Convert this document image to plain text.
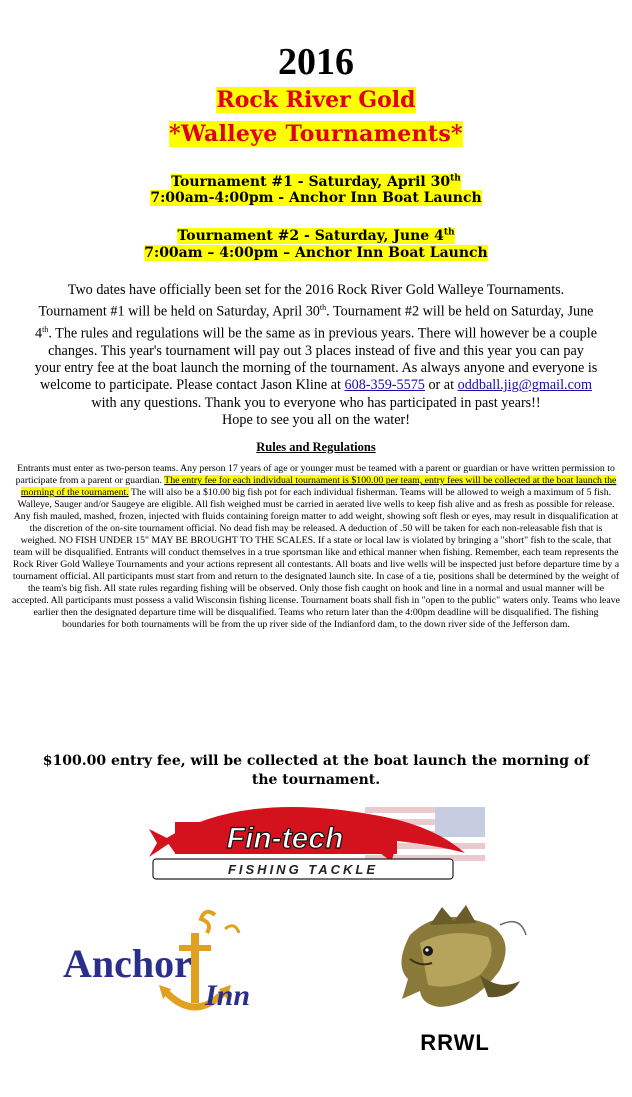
2016
Rock River Gold
*Walleye Tournaments*
Tournament #1 - Saturday, April 30th
7:00am-4:00pm - Anchor Inn Boat Launch
Tournament #2 - Saturday, June 4th
7:00am – 4:00pm – Anchor Inn Boat Launch
Two dates have officially been set for the 2016 Rock River Gold Walleye Tournaments. Tournament #1 will be held on Saturday, April 30th. Tournament #2 will be held on Saturday, June 4th. The rules and regulations will be the same as in previous years. There will however be a couple changes. This year's tournament will pay out 3 places instead of five and this year you can pay your entry fee at the boat launch the morning of the tournament. As always anyone and everyone is welcome to participate. Please contact Jason Kline at 608-359-5575 or at oddball.jig@gmail.com with any questions. Thank you to everyone who has participated in past years!!
Hope to see you all on the water!
Rules and Regulations
Entrants must enter as two-person teams. Any person 17 years of age or younger must be teamed with a parent or guardian or have written permission to participate from a parent or guardian. The entry fee for each individual tournament is $100.00 per team, entry fees will be collected at the boat launch the morning of the tournament. The will also be a $10.00 big fish pot for each individual fisherman. Teams will be allowed to weigh a maximum of 5 fish. Walleye, Sauger and/or Saugeye are eligible. All fish weighed must be carried in aerated live wells to keep fish alive and as fresh as possible for release. Any fish mauled, mashed, frozen, injected with fluids containing foreign matter to add weight, showing soft flesh or eyes, may result in disqualification at the discretion of the on-site tournament official. No dead fish may be released. A deduction of .50 will be taken for each non-releasable fish that is weighed. NO FISH UNDER 15" MAY BE BROUGHT TO THE SCALES. If a state or local law is violated by bringing a "short" fish to the scale, that team will be disqualified. Entrants will conduct themselves in a true sportsman like and ethical manner when fishing. Remember, each team represents the Rock River Gold Walleye Tournaments and your actions represent all contestants. All boats and live wells will be inspected just before departure time by a tournament official. All participants must start from and return to the designated launch site. In case of a tie, positions shall be determined by the weight of the team's big fish. All state rules regarding fishing will be observed. Only those fish caught on hook and line in a normal and usual manner will be accepted. All participants must possess a valid Wisconsin fishing license. Tournament boats shall fish in "open to the public" waters only. Teams who leave earlier then the designated departure time will be disqualified. Teams who return later than the 4:00pm deadline will be disqualified. The fishing boundaries for both tournaments will be from the up river side of the Indianford dam, to the down river side of the Jefferson dam.
$100.00 entry fee, will be collected at the boat launch the morning of the tournament.
Fin-tech
FISHING TACKLE
Anchor
Inn
RRWL
